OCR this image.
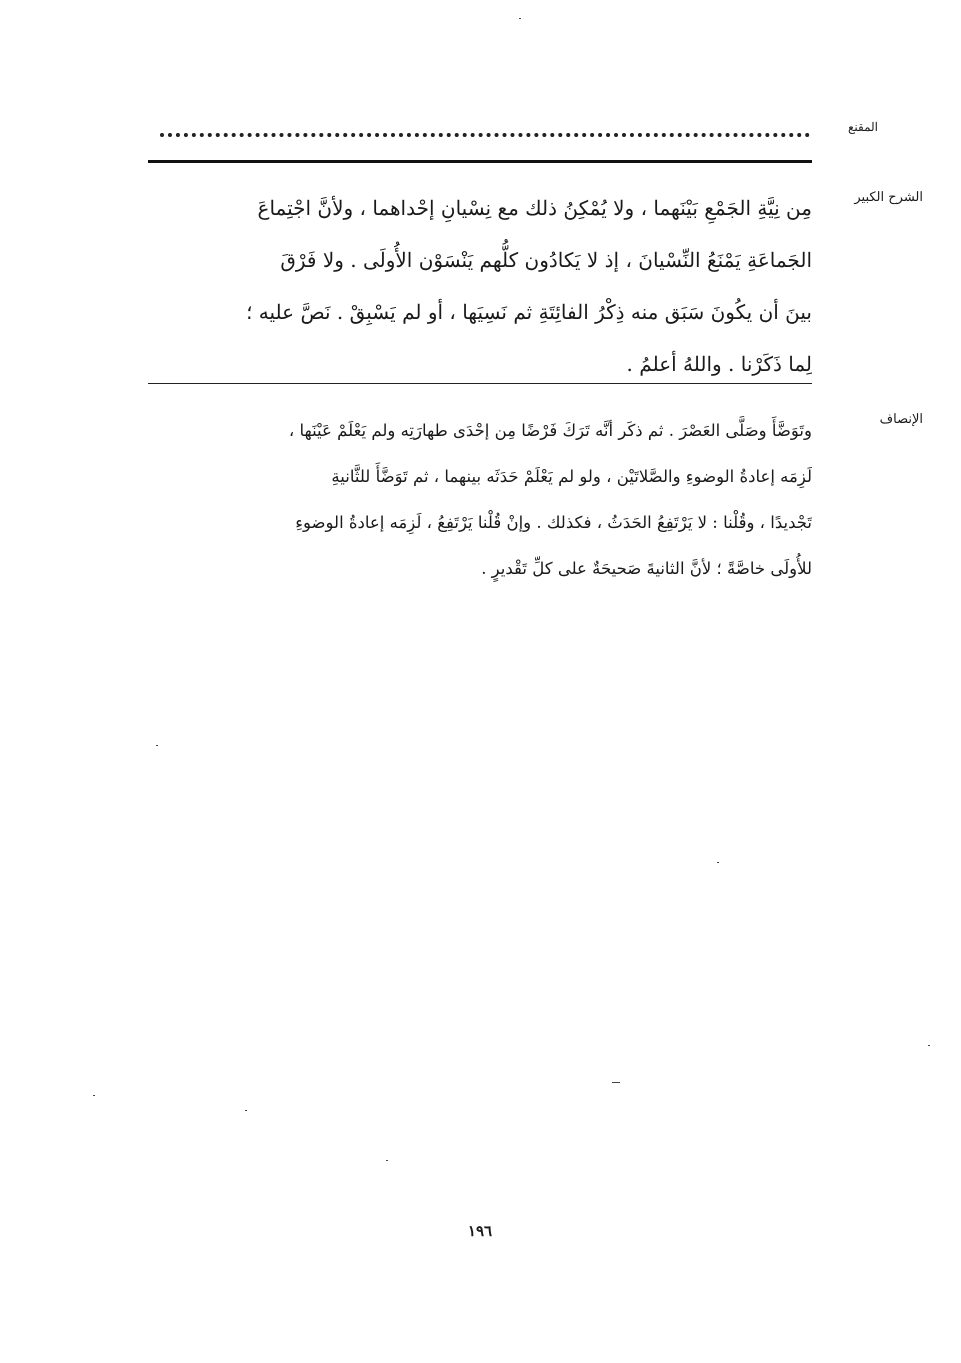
المقنع
الشرح الكبير
مِن نِيَّةِ الجَمْعِ بَيْنَهما ، ولا يُمْكِنُ ذلك مع نِسْيانِ إحْداهما ، ولأنَّ اجْتِماعَ
الجَماعَةِ يَمْنَعُ النِّسْيانَ ، إذ لا يَكادُون كلُّهم يَنْسَوْن الأُولَى . ولا فَرْقَ
بينَ أن يكُونَ سَبَق منه ذِكْرُ الفائِتَةِ ثم نَسِيَها ، أو لم يَسْبِقْ . نَصَّ عليه ؛
لِما ذَكَرْنا . واللهُ أعلمُ .
الإنصاف
وتَوَضَّأَ وصَلَّى العَصْرَ . ثم ذكَر أنَّه تَرَكَ فَرْضًا مِن إحْدَى طهارَتِه ولم يَعْلَمْ عَيْنَها ،
لَزِمَه إعادةُ الوضوءِ والصَّلاتَيْن ، ولو لم يَعْلَمْ حَدَثَه بينهما ، ثم تَوَضَّأَ للثَّانيةِ
تَجْديدًا ، وقُلْنا : لا يَرْتَفِعُ الحَدَثُ ، فكذلك . وإنْ قُلْنا يَرْتَفِعُ ، لَزِمَه إعادةُ الوضوءِ
للأُولَى خاصَّةً ؛ لأنَّ الثانيةَ صَحيحَةٌ على كلِّ تَقْديرٍ .
١٩٦
